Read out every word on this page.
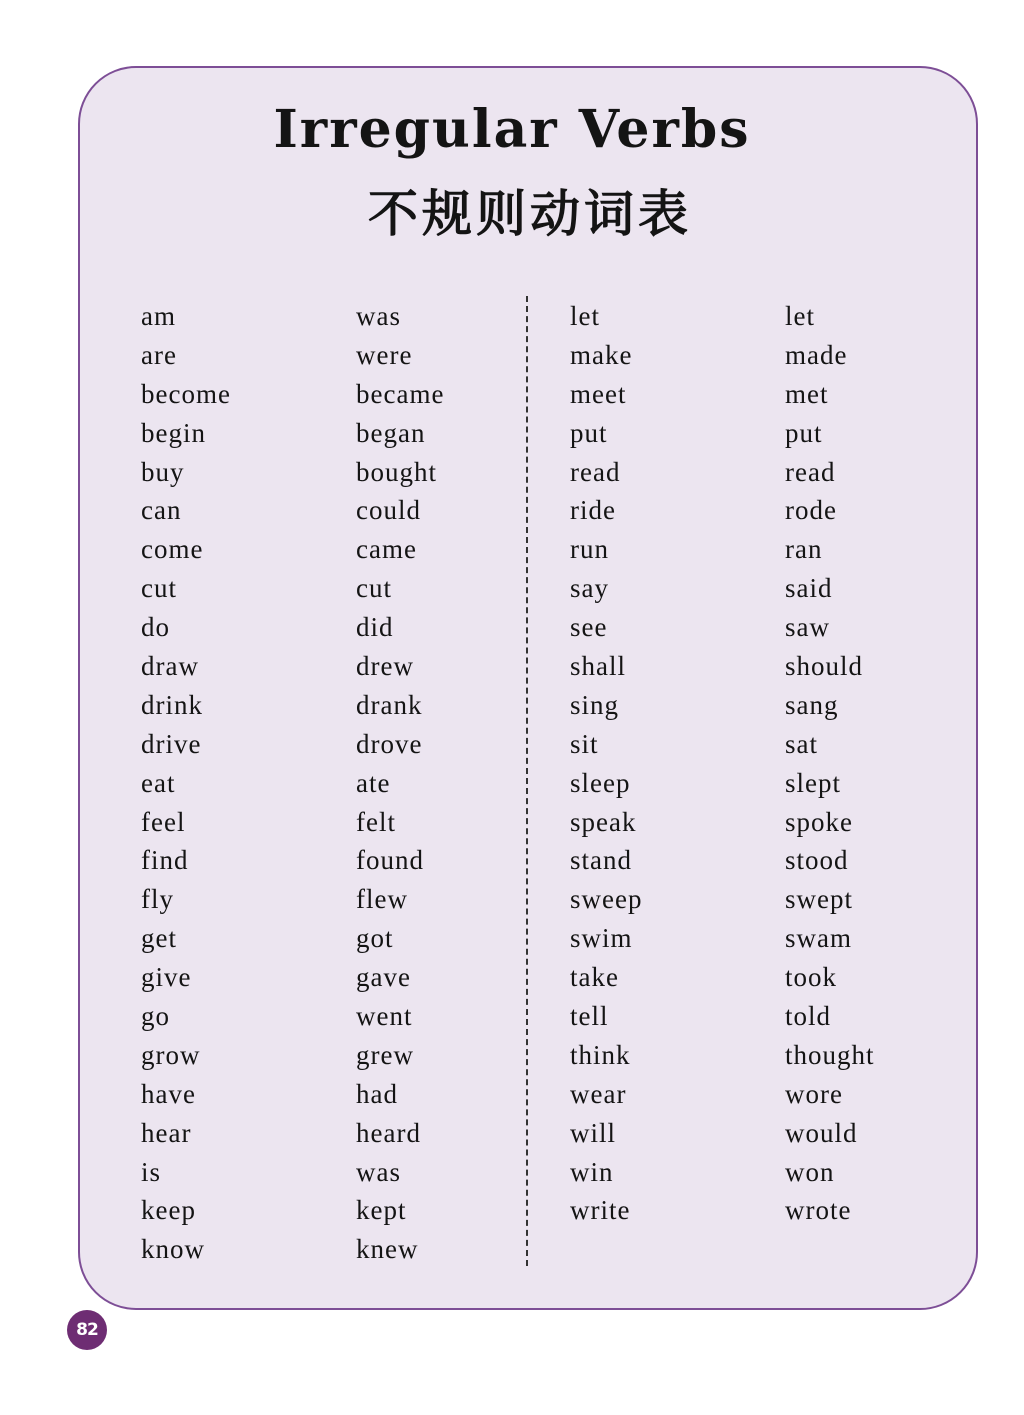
Irregular Verbs
不规则动词表
am	was
are	were
become	became
begin	began
buy	bought
can	could
come	came
cut	cut
do	did
draw	drew
drink	drank
drive	drove
eat	ate
feel	felt
find	found
fly	flew
get	got
give	gave
go	went
grow	grew
have	had
hear	heard
is	was
keep	kept
know	knew
let	let
make	made
meet	met
put	put
read	read
ride	rode
run	ran
say	said
see	saw
shall	should
sing	sang
sit	sat
sleep	slept
speak	spoke
stand	stood
sweep	swept
swim	swam
take	took
tell	told
think	thought
wear	wore
will	would
win	won
write	wrote
82
